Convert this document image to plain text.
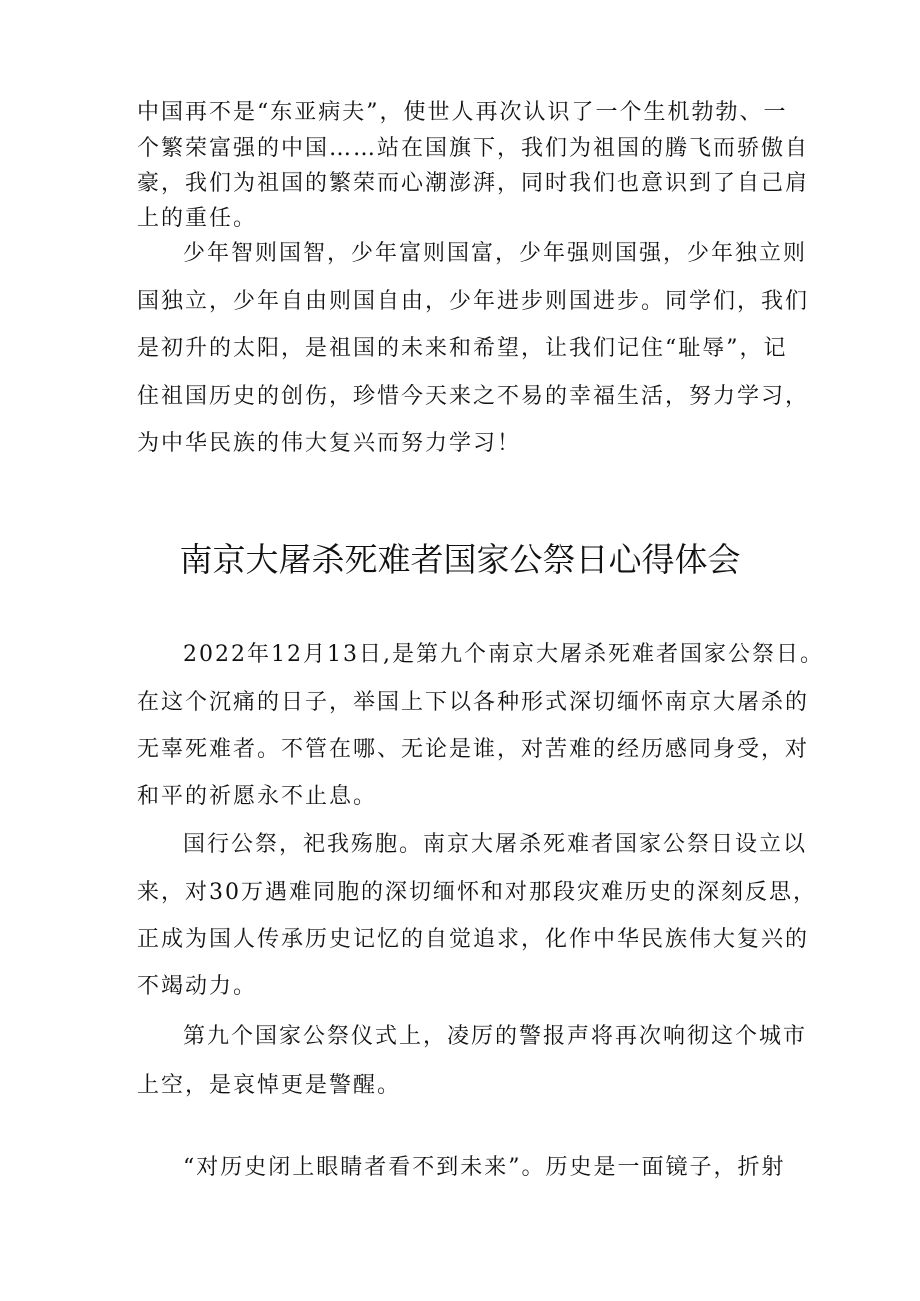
中国再不是“东亚病夫”，使世人再次认识了一个生机勃勃、一
个繁荣富强的中国……站在国旗下，我们为祖国的腾飞而骄傲自
豪，我们为祖国的繁荣而心潮澎湃，同时我们也意识到了自己肩
上的重任。
少年智则国智，少年富则国富，少年强则国强，少年独立则
国独立，少年自由则国自由，少年进步则国进步。同学们，我们
是初升的太阳，是祖国的未来和希望，让我们记住“耻辱”，记
住祖国历史的创伤，珍惜今天来之不易的幸福生活，努力学习，
为中华民族的伟大复兴而努力学习！
南京大屠杀死难者国家公祭日心得体会
2022年12月13日,是第九个南京大屠杀死难者国家公祭日。
在这个沉痛的日子，举国上下以各种形式深切缅怀南京大屠杀的
无辜死难者。不管在哪、无论是谁，对苦难的经历感同身受，对
和平的祈愿永不止息。
国行公祭，祀我殇胞。南京大屠杀死难者国家公祭日设立以
来，对30万遇难同胞的深切缅怀和对那段灾难历史的深刻反思，
正成为国人传承历史记忆的自觉追求，化作中华民族伟大复兴的
不竭动力。
第九个国家公祭仪式上，凌厉的警报声将再次响彻这个城市
上空，是哀悼更是警醒。
“对历史闭上眼睛者看不到未来”。历史是一面镜子，折射
